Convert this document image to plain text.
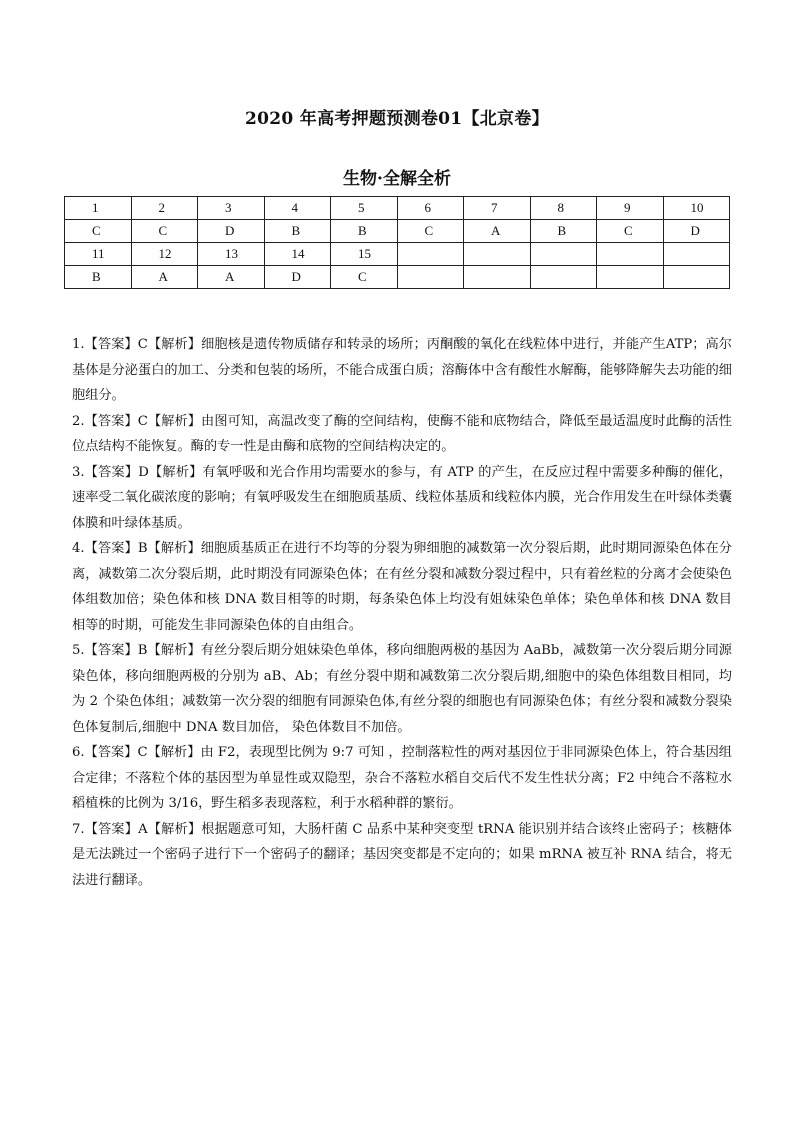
2020 年高考押题预测卷01【北京卷】
生物·全解全析
1	2	3	4	5	6	7	8	9	10
C	C	D	B	B	C	A	B	C	D
11	12	13	14	15					
B	A	A	D	C					

1.【答案】C【解析】细胞核是遗传物质储存和转录的场所；丙酮酸的氧化在线粒体中进行，并能产生ATP；高尔基体是分泌蛋白的加工、分类和包装的场所，不能合成蛋白质；溶酶体中含有酸性水解酶，能够降解失去功能的细胞组分。

2.【答案】C【解析】由图可知，高温改变了酶的空间结构，使酶不能和底物结合，降低至最适温度时此酶的活性位点结构不能恢复。酶的专一性是由酶和底物的空间结构决定的。

3.【答案】D【解析】有氧呼吸和光合作用均需要水的参与，有 ATP 的产生，在反应过程中需要多种酶的催化，速率受二氧化碳浓度的影响；有氧呼吸发生在细胞质基质、线粒体基质和线粒体内膜，光合作用发生在叶绿体类囊体膜和叶绿体基质。

4.【答案】B【解析】细胞质基质正在进行不均等的分裂为卵细胞的减数第一次分裂后期，此时期同源染色体在分离，减数第二次分裂后期，此时期没有同源染色体；在有丝分裂和减数分裂过程中，只有着丝粒的分离才会使染色体组数加倍；染色体和核 DNA 数目相等的时期，每条染色体上均没有姐妹染色单体；染色单体和核 DNA 数目相等的时期，可能发生非同源染色体的自由组合。

5.【答案】B【解析】有丝分裂后期分姐妹染色单体，移向细胞两极的基因为 AaBb，减数第一次分裂后期分同源染色体，移向细胞两极的分别为 aB、Ab；有丝分裂中期和减数第二次分裂后期,细胞中的染色体组数目相同，均为 2 个染色体组；减数第一次分裂的细胞有同源染色体,有丝分裂的细胞也有同源染色体；有丝分裂和减数分裂染色体复制后,细胞中 DNA 数目加倍， 染色体数目不加倍。

6.【答案】C【解析】由 F2，表现型比例为 9:7 可知 ，控制落粒性的两对基因位于非同源染色体上，符合基因组合定律；不落粒个体的基因型为单显性或双隐型，杂合不落粒水稻自交后代不发生性状分离；F2 中纯合不落粒水稻植株的比例为 3/16，野生稻多表现落粒，利于水稻种群的繁衍。

7.【答案】A【解析】根据题意可知，大肠杆菌 C 品系中某种突变型 tRNA 能识别并结合该终止密码子；核糖体是无法跳过一个密码子进行下一个密码子的翻译；基因突变都是不定向的；如果 mRNA 被互补 RNA 结合，将无法进行翻译。
